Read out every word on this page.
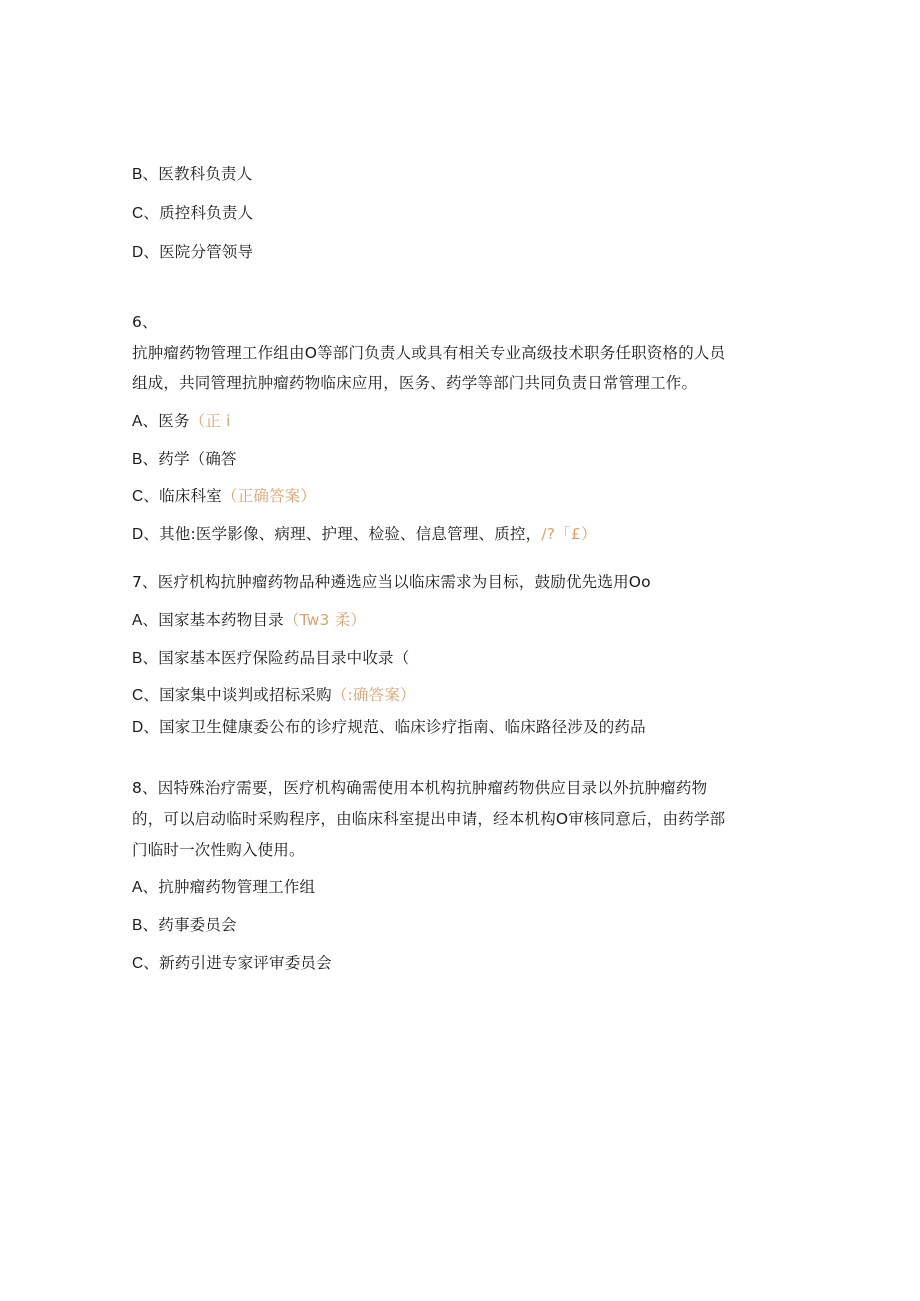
B、医教科负责人
C、质控科负责人
D、医院分管领导
6、
抗肿瘤药物管理工作组由O等部门负责人或具有相关专业高级技术职务任职资格的人员
组成，共同管理抗肿瘤药物临床应用，医务、药学等部门共同负责日常管理工作。
A、医务（正 i
B、药学（确答
C、临床科室（正确答案）
D、其他:医学影像、病理、护理、检验、信息管理、质控，/?「£）
7、医疗机构抗肿瘤药物品种遴选应当以临床需求为目标，鼓励优先选用Oo
A、国家基本药物目录（Tw3 柔）
B、国家基本医疗保险药品目录中收录（
C、国家集中谈判或招标采购（:确答案）
D、国家卫生健康委公布的诊疗规范、临床诊疗指南、临床路径涉及的药品
8、因特殊治疗需要，医疗机构确需使用本机构抗肿瘤药物供应目录以外抗肿瘤药物
的，可以启动临时采购程序，由临床科室提出申请，经本机构O审核同意后，由药学部
门临时一次性购入使用。
A、抗肿瘤药物管理工作组
B、药事委员会
C、新药引进专家评审委员会
